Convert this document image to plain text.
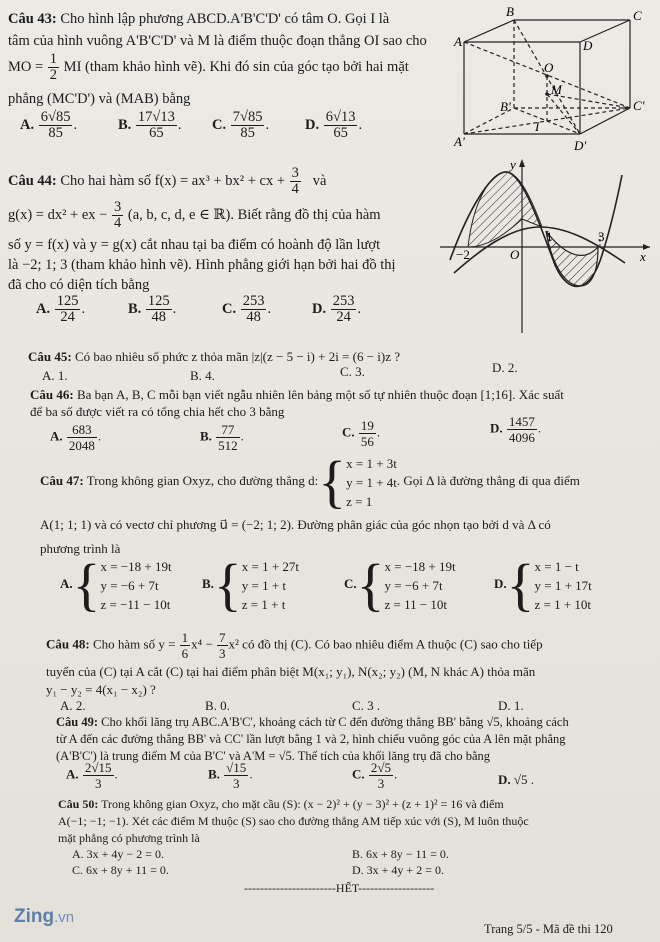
Câu 43: Cho hình lập phương ABCD.A'B'C'D' có tâm O. Gọi I là
tâm của hình vuông A'B'C'D' và M là điểm thuộc đoạn thẳng OI sao cho
MO = $\frac{1}{2}$ MI (tham khảo hình vẽ). Khi đó sin của góc tạo bởi hai mặt
phẳng (MC'D') và (MAB) bằng
A. $\frac{6√85}{85}$ .	B. $\frac{17√13}{65}$ . C. $\frac{7√85}{85}$ . D. $\frac{6√13}{65}$ .
B	C
A	D
O
M
B'	C'
I
A'	D'
Câu 44: Cho hai hàm số f(x) = ax³ + bx² + cx + $\frac{3}{4}$ và
g(x) = dx² + ex − $\frac{3}{4} (a$, b, c, d, e ∈ ℝ). Biết rằng đồ thị của hàm
số y = f(x) và y = g(x) cắt nhau tại ba điểm có hoành độ lần lượt
là −2; 1; 3 (tham khảo hình vẽ). Hình phẳng giới hạn bởi hai đồ thị
đã cho có diện tích bằng
A. $\frac{125}{24}$ .	B. $\frac{125}{48}$ .	C. $\frac{253}{48}$ .	D. $\frac{253}{24}$ .
y
x
O
−2
1	3
Câu 45: Có bao nhiêu số phức z thỏa mãn |z|(z − 5 − i) + 2i = (6 − i)z ?
A. 1.	B. 4.	C. 3.	D. 2.
Câu 46: Ba bạn A, B, C mỗi bạn viết ngẫu nhiên lên bảng một số tự nhiên thuộc đoạn [1;16]. Xác suất
để ba số được viết ra có tổng chia hết cho 3 bằng
A. $\frac{683}{2048}$ .	B. $\frac{77}{512}$ .	C. $\frac{19}{56}$ .	D. $\frac{1457}{4096}$ .
Câu 47: Trong không gian Oxyz, cho đường thẳng d:{ x = 1 + 3t
y = 1 + 4t
z = 1
. Gọi Δ là đường thẳng đi qua điểm
A(1; 1; 1) và có vectơ chỉ phương u⃗ = (−2; 1; 2). Đường phân giác của góc nhọn tạo bởi d và Δ có
phương trình là
A.{ x = −18 + 19t
y = −6 + 7t
z = −11 − 10t
B.{ x = 1 + 27t
y = 1 + t
z = 1 + t
C.{ x = −18 + 19t
y = −6 + 7t
z = 11 − 10t
D.{ x = 1 − t
y = 1 + 17t
z = 1 + 10t
Câu 48: Cho hàm số $y = \frac{1}{6} x^4 - \frac{7}{3} x^2$ có đồ thị (C). Có bao nhiêu điểm A thuộc (C) sao cho tiếp
tuyến của (C) tại A cắt (C) tại hai điểm phân biệt M(x₁; y₁), N(x₂; y₂) (M, N khác A) thỏa mãn
y₁ − y₂ = 4(x₁ − x₂) ?
A. 2.	B. 0.	C. 3 .	D. 1.
Câu 49: Cho khối lăng trụ ABC.A'B'C', khoảng cách từ C đến đường thẳng BB' bằng √5, khoảng cách
từ A đến các đường thẳng BB' và CC' lần lượt bằng 1 và 2, hình chiếu vuông góc của A lên mặt phẳng
(A'B'C') là trung điểm M của B'C' và A'M = √5. Thể tích của khối lăng trụ đã cho bằng
A. $\frac{2√15}{3}$ .	B. $\frac{√15}{3}$ .	C. $\frac{2√5}{3}$ .	D. √5 .
Câu 50: Trong không gian Oxyz, cho mặt cầu (S): (x − 2)² + (y − 3)² + (z + 1)² = 16 và điểm
A(−1; −1; −1). Xét các điểm M thuộc (S) sao cho đường thẳng AM tiếp xúc với (S), M luôn thuộc
mặt phẳng có phương trình là
A. 3x + 4y − 2 = 0.	B. 6x + 8y − 11 = 0.
C. 6x + 8y + 11 = 0.	D. 3x + 4y + 2 = 0.
-----------------------HẾT-------------------
Zing.vn
Trang 5/5 - Mã đề thi 120
